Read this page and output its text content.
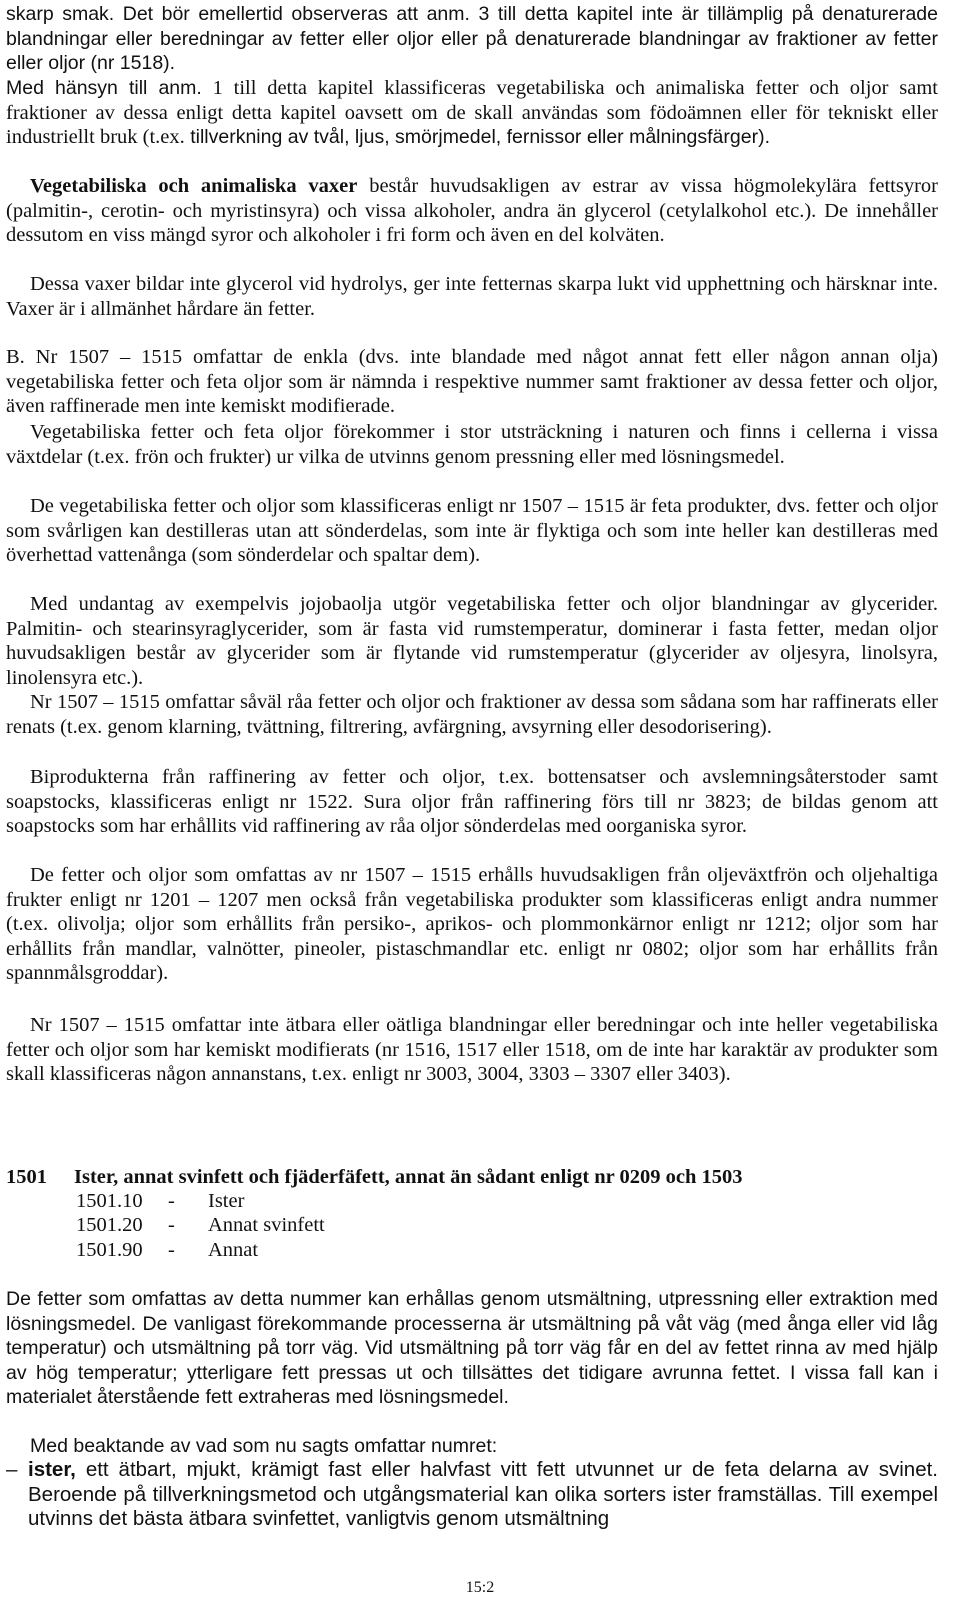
skarp smak. Det bör emellertid observeras att anm. 3 till detta kapitel inte är tillämplig på denaturerade blandningar eller beredningar av fetter eller oljor eller på denaturerade blandningar av fraktioner av fetter eller oljor (nr 1518).

Med hänsyn till anm. 1 till detta kapitel klassificeras vegetabiliska och animaliska fetter och oljor samt fraktioner av dessa enligt detta kapitel oavsett om de skall användas som födoämnen eller för tekniskt eller industriellt bruk (t.ex. tillverkning av tvål, ljus, smörjmedel, fernissor eller målningsfärger).

Vegetabiliska och animaliska vaxer består huvudsakligen av estrar av vissa högmolekylära fettsyror (palmitin-, cerotin- och myristinsyra) och vissa alkoholer, andra än glycerol (cetylalkohol etc.). De innehåller dessutom en viss mängd syror och alkoholer i fri form och även en del kolväten.

Dessa vaxer bildar inte glycerol vid hydrolys, ger inte fetternas skarpa lukt vid upphettning och härsknar inte. Vaxer är i allmänhet hårdare än fetter.

B. Nr 1507 – 1515 omfattar de enkla (dvs. inte blandade med något annat fett eller någon annan olja) vegetabiliska fetter och feta oljor som är nämnda i respektive nummer samt fraktioner av dessa fetter och oljor, även raffinerade men inte kemiskt modifierade.

Vegetabiliska fetter och feta oljor förekommer i stor utsträckning i naturen och finns i cellerna i vissa växtdelar (t.ex. frön och frukter) ur vilka de utvinns genom pressning eller med lösningsmedel.

De vegetabiliska fetter och oljor som klassificeras enligt nr 1507 – 1515 är feta produkter, dvs. fetter och oljor som svårligen kan destilleras utan att sönderdelas, som inte är flyktiga och som inte heller kan destilleras med överhettad vattenånga (som sönderdelar och spaltar dem).

Med undantag av exempelvis jojobaolja utgör vegetabiliska fetter och oljor blandningar av glycerider. Palmitin- och stearinsyraglycerider, som är fasta vid rumstemperatur, dominerar i fasta fetter, medan oljor huvudsakligen består av glycerider som är flytande vid rumstemperatur (glycerider av oljesyra, linolsyra, linolensyra etc.).

Nr 1507 – 1515 omfattar såväl råa fetter och oljor och fraktioner av dessa som sådana som har raffinerats eller renats (t.ex. genom klarning, tvättning, filtrering, avfärgning, avsyrning eller desodorisering).

Biprodukterna från raffinering av fetter och oljor, t.ex. bottensatser och avslemningsåterstoder samt soapstocks, klassificeras enligt nr 1522. Sura oljor från raffinering förs till nr 3823; de bildas genom att soapstocks som har erhållits vid raffinering av råa oljor sönderdelas med oorganiska syror.

De fetter och oljor som omfattas av nr 1507 – 1515 erhålls huvudsakligen från oljeväxtfrön och oljehaltiga frukter enligt nr 1201 – 1207 men också från vegetabiliska produkter som klassificeras enligt andra nummer (t.ex. olivolja; oljor som erhållits från persiko-, aprikos- och plommonkärnor enligt nr 1212; oljor som har erhållits från mandlar, valnötter, pineoler, pistaschmandlar etc. enligt nr 0802; oljor som har erhållits från spannmålsgroddar).

Nr 1507 – 1515 omfattar inte ätbara eller oätliga blandningar eller beredningar och inte heller vegetabiliska fetter och oljor som har kemiskt modifierats (nr 1516, 1517 eller 1518, om de inte har karaktär av produkter som skall klassificeras någon annanstans, t.ex. enligt nr 3003, 3004, 3303 – 3307 eller 3403).

1501 Ister, annat svinfett och fjäderfäfett, annat än sådant enligt nr 0209 och 1503

1501.10 - Ister
1501.20 - Annat svinfett
1501.90 - Annat

De fetter som omfattas av detta nummer kan erhållas genom utsmältning, utpressning eller extraktion med lösningsmedel. De vanligast förekommande processerna är utsmältning på våt väg (med ånga eller vid låg temperatur) och utsmältning på torr väg. Vid utsmältning på torr väg får en del av fettet rinna av med hjälp av hög temperatur; ytterligare fett pressas ut och tillsättes det tidigare avrunna fettet. I vissa fall kan i materialet återstående fett extraheras med lösningsmedel.

Med beaktande av vad som nu sagts omfattar numret:

– ister, ett ätbart, mjukt, krämigt fast eller halvfast vitt fett utvunnet ur de feta delarna av svinet. Beroende på tillverkningsmetod och utgångsmaterial kan olika sorters ister framställas. Till exempel utvinns det bästa ätbara svinfettet, vanligtvis genom utsmältning
15:2
